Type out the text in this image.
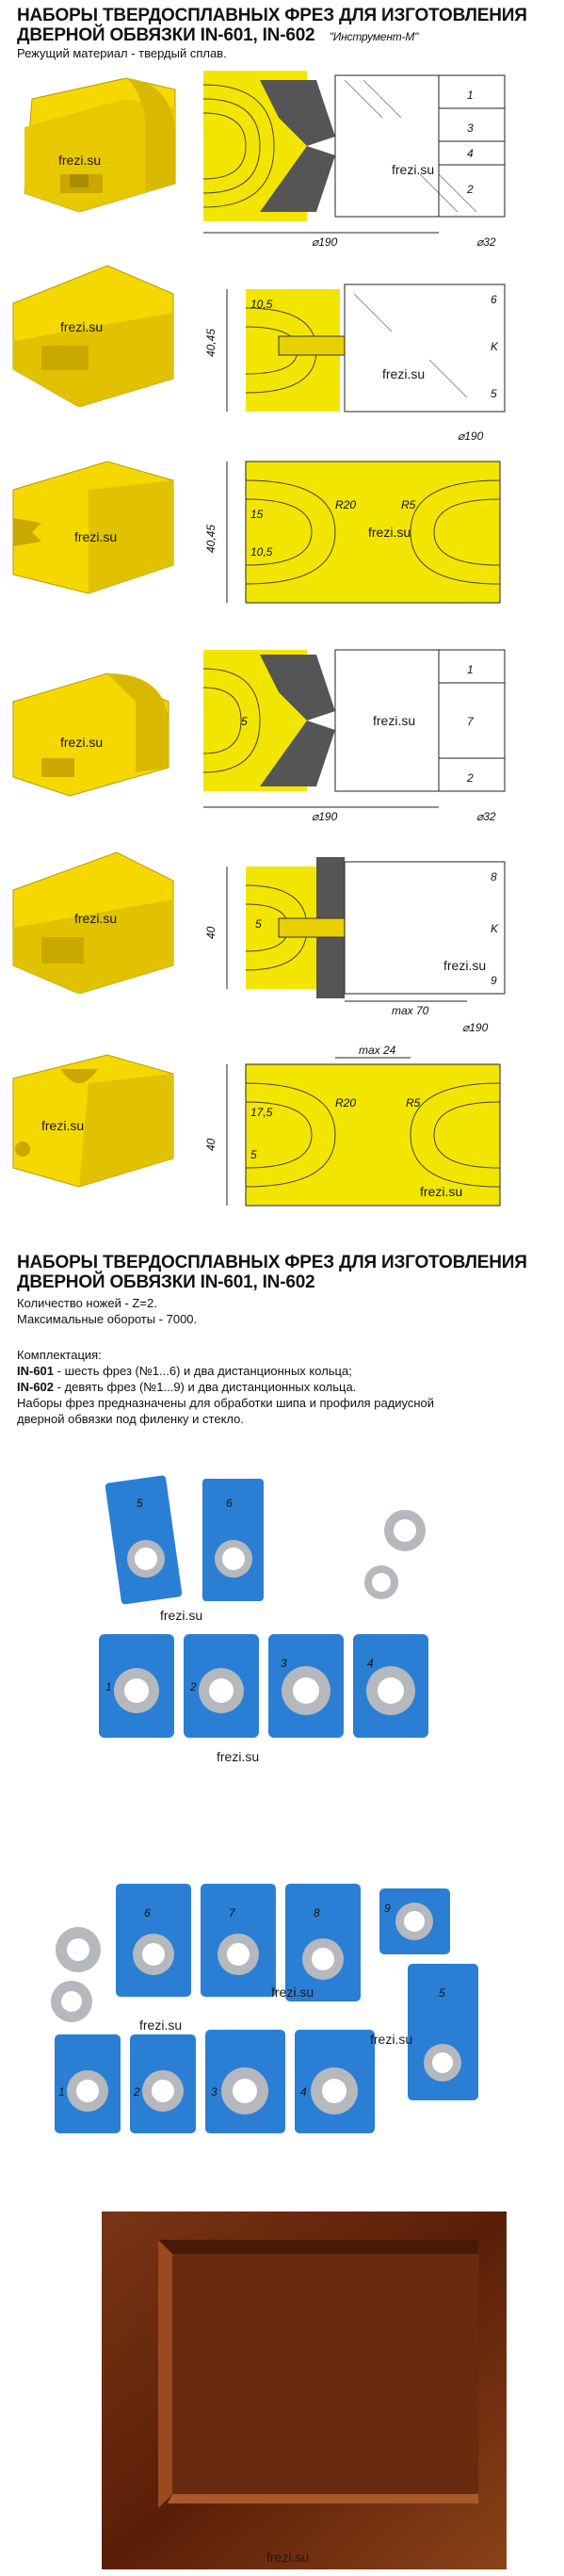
НАБОРЫ ТВЕРДОСПЛАВНЫХ ФРЕЗ ДЛЯ ИЗГОТОВЛЕНИЯ
ДВЕРНОЙ ОБВЯЗКИ IN-601, IN-602 "Инструмент-М"
Режущий материал - твердый сплав.
frezi.su
1
3
4
2
⌀190	⌀32
frezi.su
frezi.su
6
K
5
40,45
10,5
⌀190
frezi.su
frezi.su	40,45
15
10,5
R20	R5
frezi.su
frezi.su
1
7
2
5
⌀190	⌀32
frezi.su
frezi.su
8
K
9
40
5
max 70
⌀190
frezi.su
frezi.su
max 24
40
17,5
5
R20	R5
frezi.su
НАБОРЫ ТВЕРДОСПЛАВНЫХ ФРЕЗ ДЛЯ ИЗГОТОВЛЕНИЯ
ДВЕРНОЙ ОБВЯЗКИ IN-601, IN-602
Количество ножей - Z=2.
Максимальные обороты - 7000.
Комплектация:
IN-601 - шесть фрез (№1...6) и два дистанционных кольца;
IN-602 - девять фрез (№1...9) и два дистанционных кольца.
Наборы фрез предназначены для обработки шипа и профиля радиусной
дверной обвязки под филенку и стекло.
5	6
1	2
3	4
frezi.su
frezi.su
6	7	8	9
5
1	2	3	4
frezi.su
frezi.su
frezi.su
frezi.su
